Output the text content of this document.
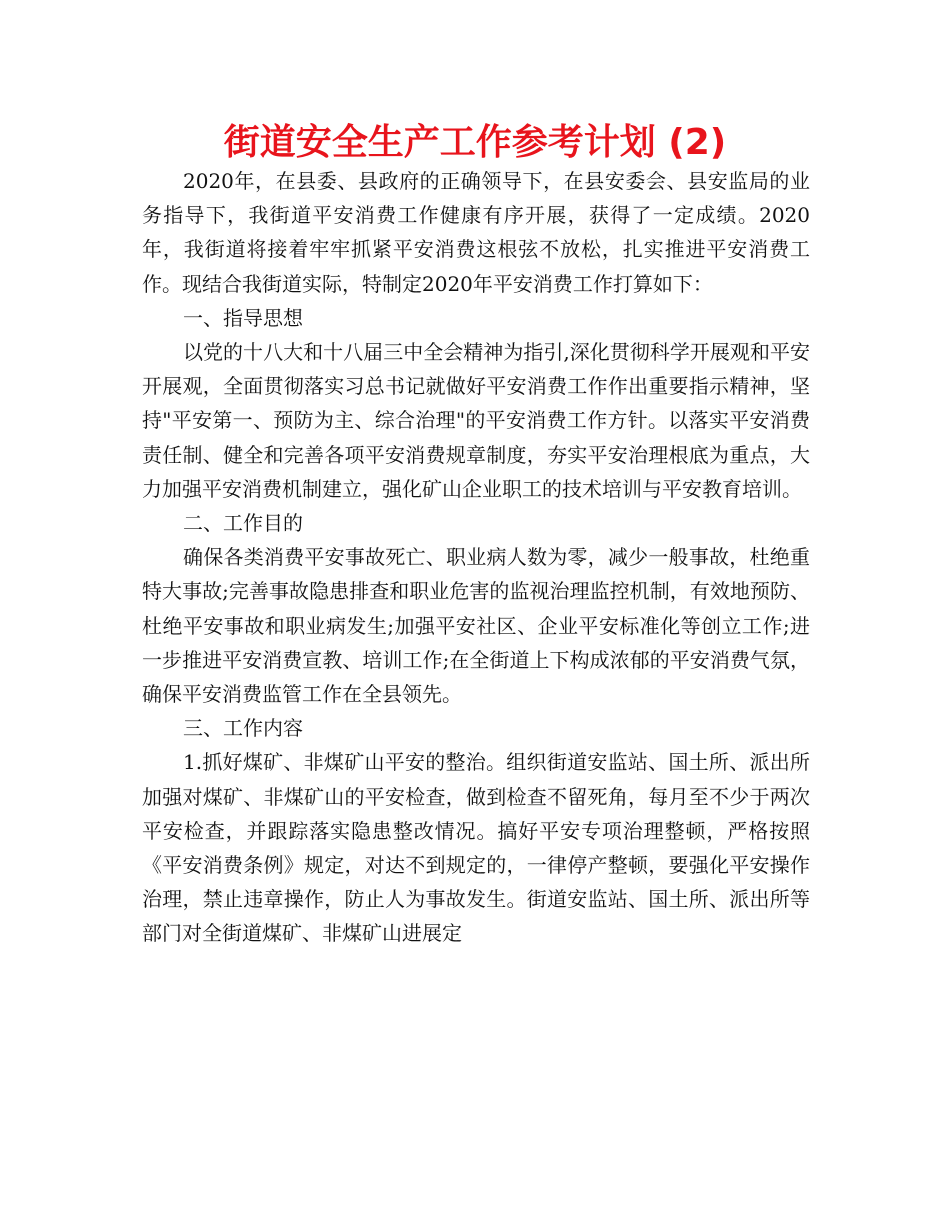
街道安全生产工作参考计划 (2)

2020年，在县委、县政府的正确领导下，在县安委会、县安监局的业务指导下，我街道平安消费工作健康有序开展，获得了一定成绩。2020年，我街道将接着牢牢抓紧平安消费这根弦不放松，扎实推进平安消费工作。现结合我街道实际，特制定2020年平安消费工作打算如下：

一、指导思想

以党的十八大和十八届三中全会精神为指引,深化贯彻科学开展观和平安开展观，全面贯彻落实习总书记就做好平安消费工作作出重要指示精神，坚持"平安第一、预防为主、综合治理"的平安消费工作方针。以落实平安消费责任制、健全和完善各项平安消费规章制度，夯实平安治理根底为重点，大力加强平安消费机制建立，强化矿山企业职工的技术培训与平安教育培训。

二、工作目的

确保各类消费平安事故死亡、职业病人数为零，减少一般事故，杜绝重特大事故;完善事故隐患排查和职业危害的监视治理监控机制，有效地预防、杜绝平安事故和职业病发生;加强平安社区、企业平安标准化等创立工作;进一步推进平安消费宣教、培训工作;在全街道上下构成浓郁的平安消费气氛，确保平安消费监管工作在全县领先。

三、工作内容

1.抓好煤矿、非煤矿山平安的整治。组织街道安监站、国土所、派出所加强对煤矿、非煤矿山的平安检查，做到检查不留死角，每月至不少于两次平安检查，并跟踪落实隐患整改情况。搞好平安专项治理整顿，严格按照《平安消费条例》规定，对达不到规定的，一律停产整顿，要强化平安操作治理，禁止违章操作，防止人为事故发生。街道安监站、国土所、派出所等部门对全街道煤矿、非煤矿山进展定
